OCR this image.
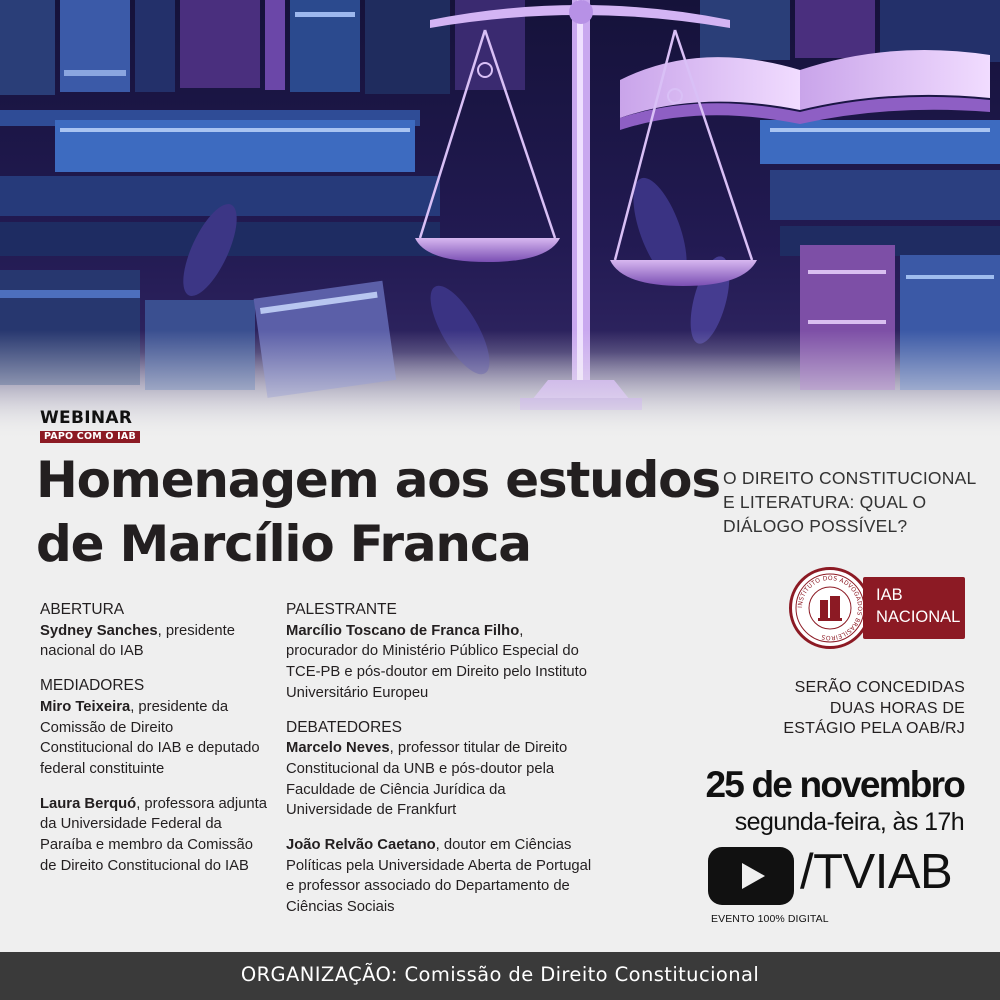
WEBINAR
PAPO COM O IAB
Homenagem aos estudos
de Marcílio Franca
O DIREITO CONSTITUCIONAL E LITERATURA: QUAL O DIÁLOGO POSSÍVEL?
ABERTURA
Sydney Sanches, presidente nacional do IAB
MEDIADORES
Miro Teixeira, presidente da Comissão de Direito Constitucional do IAB e deputado federal constituinte
Laura Berquó, professora adjunta da Universidade Federal da Paraíba e membro da Comissão de Direito Constitucional do IAB
PALESTRANTE
Marcílio Toscano de Franca Filho, procurador do Ministério Público Especial do TCE-PB e pós-doutor em Direito pelo Instituto Universitário Europeu
DEBATEDORES
Marcelo Neves, professor titular de Direito Constitucional da UNB e pós-doutor pela Faculdade de Ciência Jurídica da Universidade de Frankfurt
João Relvão Caetano, doutor em Ciências Políticas pela Universidade Aberta de Portugal e professor associado do Departamento de Ciências Sociais
INSTITUTO DOS ADVOGADOS BRASILEIROS
IAB
NACIONAL
SERÃO CONCEDIDAS DUAS HORAS DE ESTÁGIO PELA OAB/RJ
25 de novembro
segunda-feira, às 17h
/TVIAB
EVENTO 100% DIGITAL
ORGANIZAÇÃO: Comissão de Direito Constitucional
